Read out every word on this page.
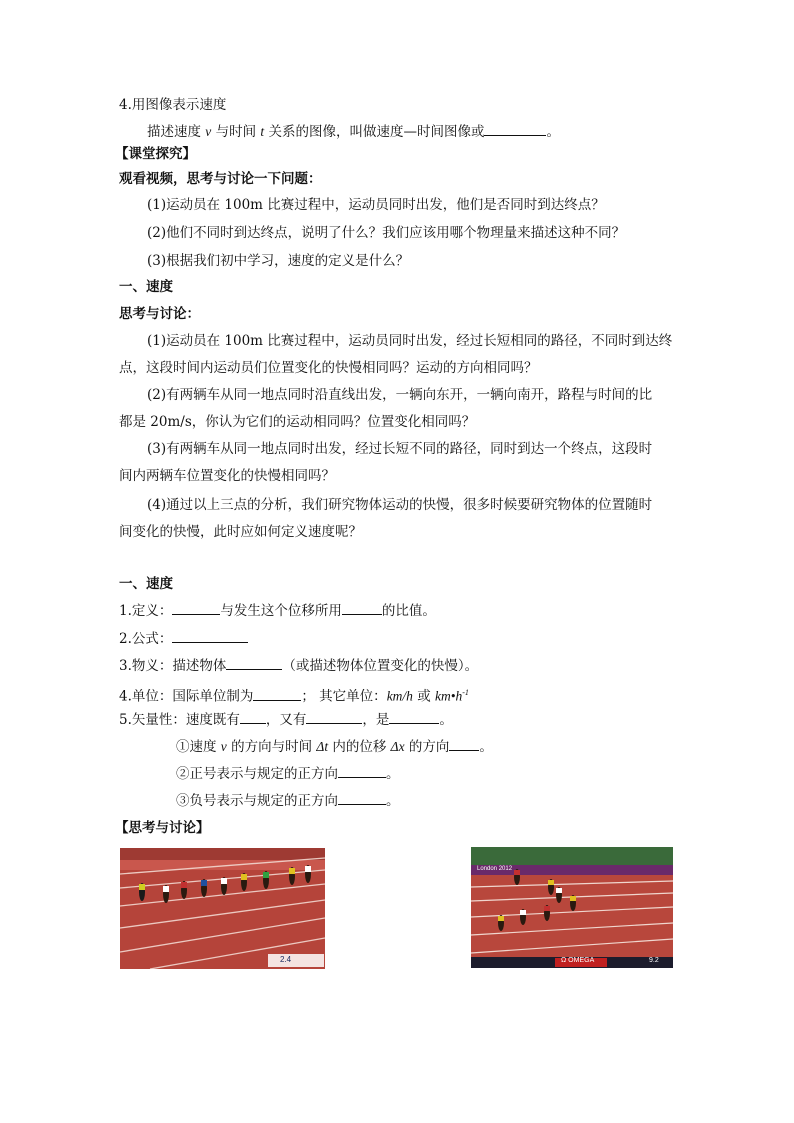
4.用图像表示速度
描述速度 v 与时间 t 关系的图像，叫做速度—时间图像或	。
【课堂探究】
观看视频，思考与讨论一下问题：
(1)运动员在 100m 比赛过程中，运动员同时出发，他们是否同时到达终点？
(2)他们不同时到达终点，说明了什么？我们应该用哪个物理量来描述这种不同？
(3)根据我们初中学习，速度的定义是什么？
一、速度
思考与讨论：
(1)运动员在 100m 比赛过程中，运动员同时出发，经过长短相同的路径，不同时到达终
点，这段时间内运动员们位置变化的快慢相同吗？运动的方向相同吗？
(2)有两辆车从同一地点同时沿直线出发，一辆向东开，一辆向南开，路程与时间的比
都是 20m/s，你认为它们的运动相同吗？位置变化相同吗？
(3)有两辆车从同一地点同时出发，经过长短不同的路径，同时到达一个终点，这段时
间内两辆车位置变化的快慢相同吗？
(4)通过以上三点的分析，我们研究物体运动的快慢，很多时候要研究物体的位置随时
间变化的快慢，此时应如何定义速度呢？
一、速度
1.定义：	与发生这个位移所用	的比值。
2.公式：
3.物义：描述物体	（或描述物体位置变化的快慢）。
4.单位：国际单位制为	； 其它单位：km/h 或 $km•h^{-1}$
5.矢量性：速度既有 ，又有	，是	。
①速度 v 的方向与时间 Δt 内的位移 Δx 的方向 。
②正号表示与规定的正方向	。
③负号表示与规定的正方向	。
【思考与讨论】
2.4
London 2012
Ω OMEGA	9.2
